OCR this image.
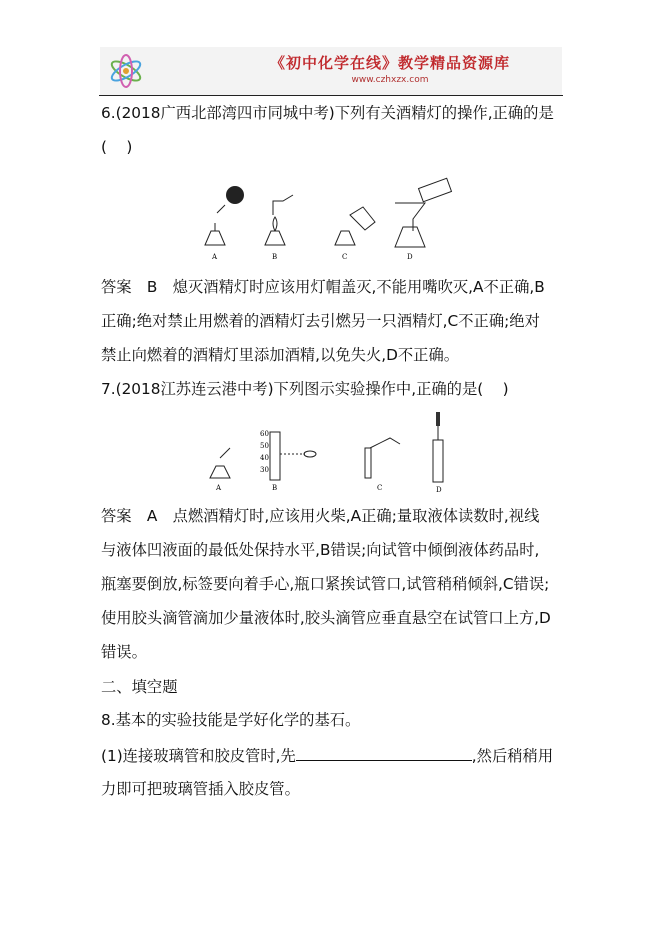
《初中化学在线》教学精品资源库
www.czhxzx.com
6.(2018广西北部湾四市同城中考)下列有关酒精灯的操作,正确的是
(    )
A	B	C	D
答案　B　熄灭酒精灯时应该用灯帽盖灭,不能用嘴吹灭,A不正确,B
正确;绝对禁止用燃着的酒精灯去引燃另一只酒精灯,C不正确;绝对
禁止向燃着的酒精灯里添加酒精,以免失火,D不正确。
7.(2018江苏连云港中考)下列图示实验操作中,正确的是(    )
A
60
50
40
30
B	C	D
答案　A　点燃酒精灯时,应该用火柴,A正确;量取液体读数时,视线
与液体凹液面的最低处保持水平,B错误;向试管中倾倒液体药品时,
瓶塞要倒放,标签要向着手心,瓶口紧挨试管口,试管稍稍倾斜,C错误;
使用胶头滴管滴加少量液体时,胶头滴管应垂直悬空在试管口上方,D
错误。
二、填空题
8.基本的实验技能是学好化学的基石。
(1)连接玻璃管和胶皮管时,先	,然后稍稍用
力即可把玻璃管插入胶皮管。
